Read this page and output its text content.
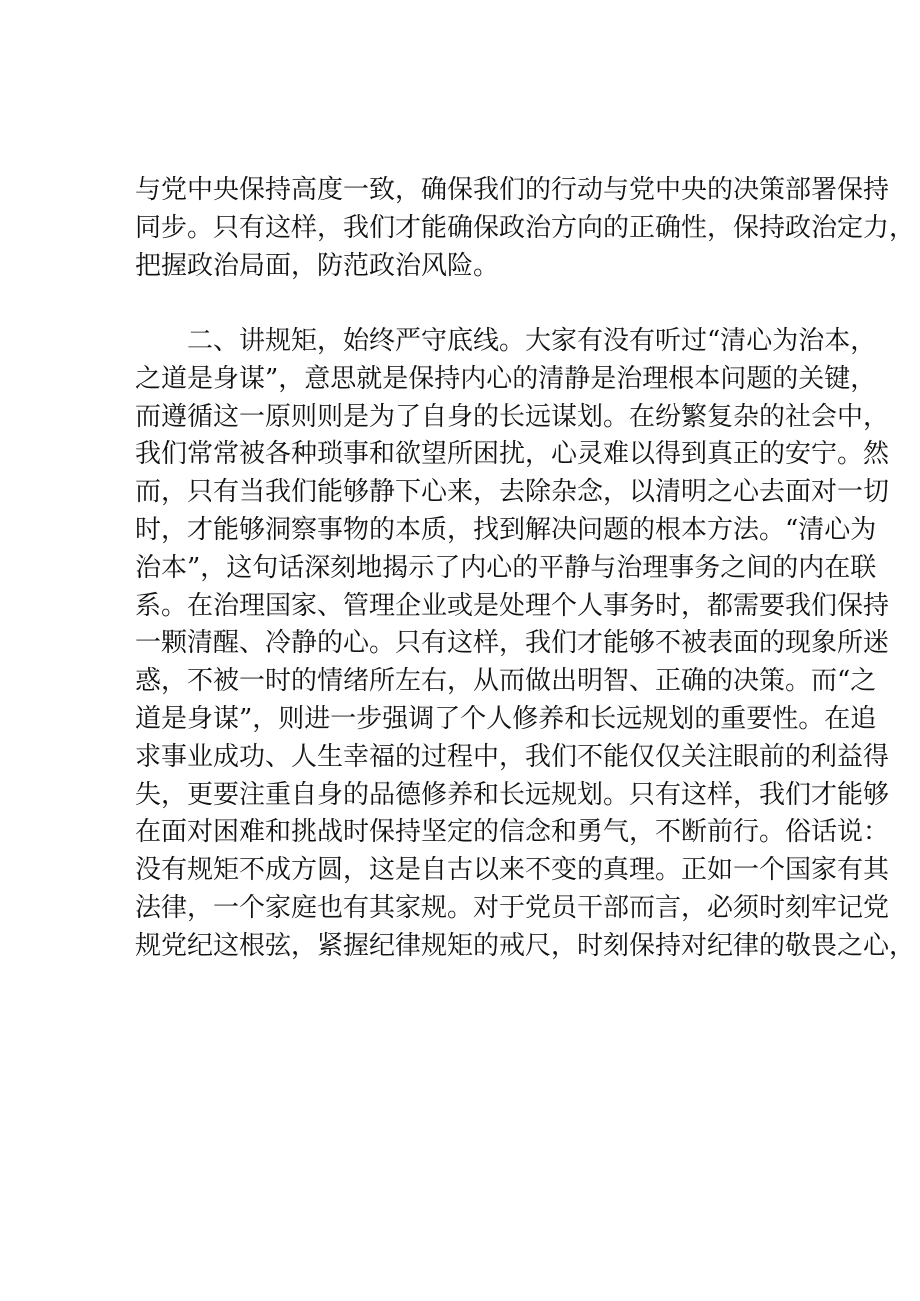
与党中央保持高度一致，确保我们的行动与党中央的决策部署保持
同步。只有这样，我们才能确保政治方向的正确性，保持政治定力，
把握政治局面，防范政治风险。
二、讲规矩，始终严守底线。大家有没有听过“清心为治本，
之道是身谋”，意思就是保持内心的清静是治理根本问题的关键，
而遵循这一原则则是为了自身的长远谋划。在纷繁复杂的社会中，
我们常常被各种琐事和欲望所困扰，心灵难以得到真正的安宁。然
而，只有当我们能够静下心来，去除杂念，以清明之心去面对一切
时，才能够洞察事物的本质，找到解决问题的根本方法。“清心为
治本”，这句话深刻地揭示了内心的平静与治理事务之间的内在联
系。在治理国家、管理企业或是处理个人事务时，都需要我们保持
一颗清醒、冷静的心。只有这样，我们才能够不被表面的现象所迷
惑，不被一时的情绪所左右，从而做出明智、正确的决策。而“之
道是身谋”，则进一步强调了个人修养和长远规划的重要性。在追
求事业成功、人生幸福的过程中，我们不能仅仅关注眼前的利益得
失，更要注重自身的品德修养和长远规划。只有这样，我们才能够
在面对困难和挑战时保持坚定的信念和勇气，不断前行。俗话说：
没有规矩不成方圆，这是自古以来不变的真理。正如一个国家有其
法律，一个家庭也有其家规。对于党员干部而言，必须时刻牢记党
规党纪这根弦，紧握纪律规矩的戒尺，时刻保持对纪律的敬畏之心，
